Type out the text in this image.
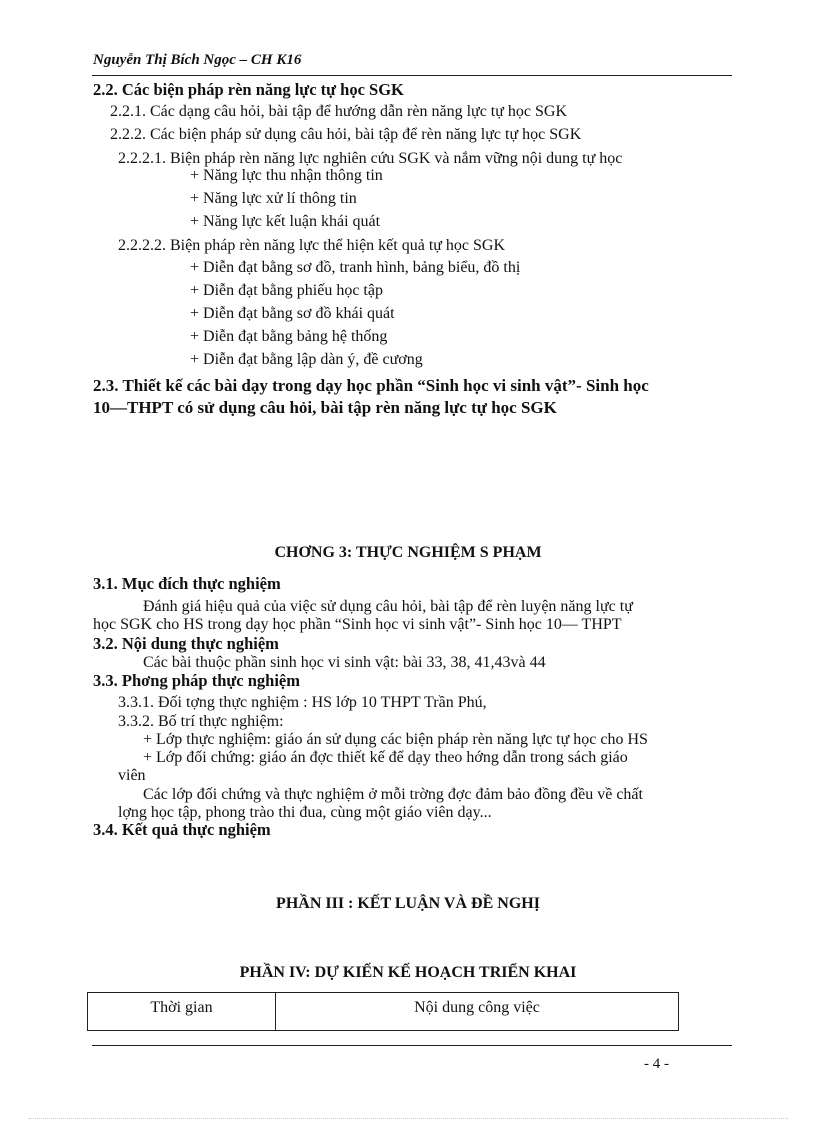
Nguyễn Thị Bích Ngọc – CH K16
2.2. Các biện pháp rèn năng lực tự học SGK
2.2.1. Các dạng câu hỏi, bài tập để hướng dẫn rèn năng lực tự học SGK
2.2.2. Các biện pháp sử dụng câu hỏi, bài tập để rèn năng lực tự học SGK
2.2.2.1. Biện pháp rèn năng lực nghiên cứu SGK và nắm vững nội dung tự học
+ Năng lực thu nhận thông tin
+ Năng lực xử lí thông tin
+ Năng lực kết luận khái quát
2.2.2.2. Biện pháp rèn năng lực thể hiện kết quả tự học SGK
+ Diễn đạt bằng sơ đồ, tranh hình, bảng biểu, đồ thị
+ Diễn đạt bằng phiếu học tập
+ Diễn đạt bằng sơ đồ khái quát
+ Diễn đạt bằng bảng hệ thống
+ Diễn đạt bằng lập dàn ý, đề cương
2.3. Thiết kế các bài dạy trong dạy học phần “Sinh học vi sinh vật”- Sinh học
10—THPT có sử dụng câu hỏi, bài tập rèn năng lực tự học SGK
CHƠNG 3: THỰC NGHIỆM S PHẠM
3.1. Mục đích thực nghiệm
Đánh giá hiệu quả của việc sử dụng câu hỏi, bài tập để rèn luyện năng lực tự
học SGK cho HS trong dạy học phần “Sinh học vi sinh vật”- Sinh học 10— THPT
3.2. Nội dung thực nghiệm
Các bài thuộc phần sinh học vi sinh vật: bài 33, 38, 41,43và 44
3.3. Phơng pháp thực nghiệm
3.3.1. Đối tợng thực nghiệm : HS lớp 10 THPT Trần Phú,
3.3.2. Bố trí thực nghiệm:
+ Lớp thực nghiệm: giáo án sử dụng các biện pháp rèn năng lực tự học cho HS
+ Lớp đối chứng: giáo án đợc thiết kế để dạy theo hớng dẫn trong sách giáo
viên
Các lớp đối chứng và thực nghiệm ở mỗi trờng đợc đảm bảo đồng đều về chất
lợng học tập, phong trào thi đua, cùng một giáo viên dạy...
3.4. Kết quả thực nghiệm
PHẦN III : KẾT LUẬN VÀ ĐỀ NGHỊ
PHẦN IV: DỰ KIẾN KẾ HOẠCH TRIỂN KHAI
Thời gian	Nội dung công việc
- 4 -
